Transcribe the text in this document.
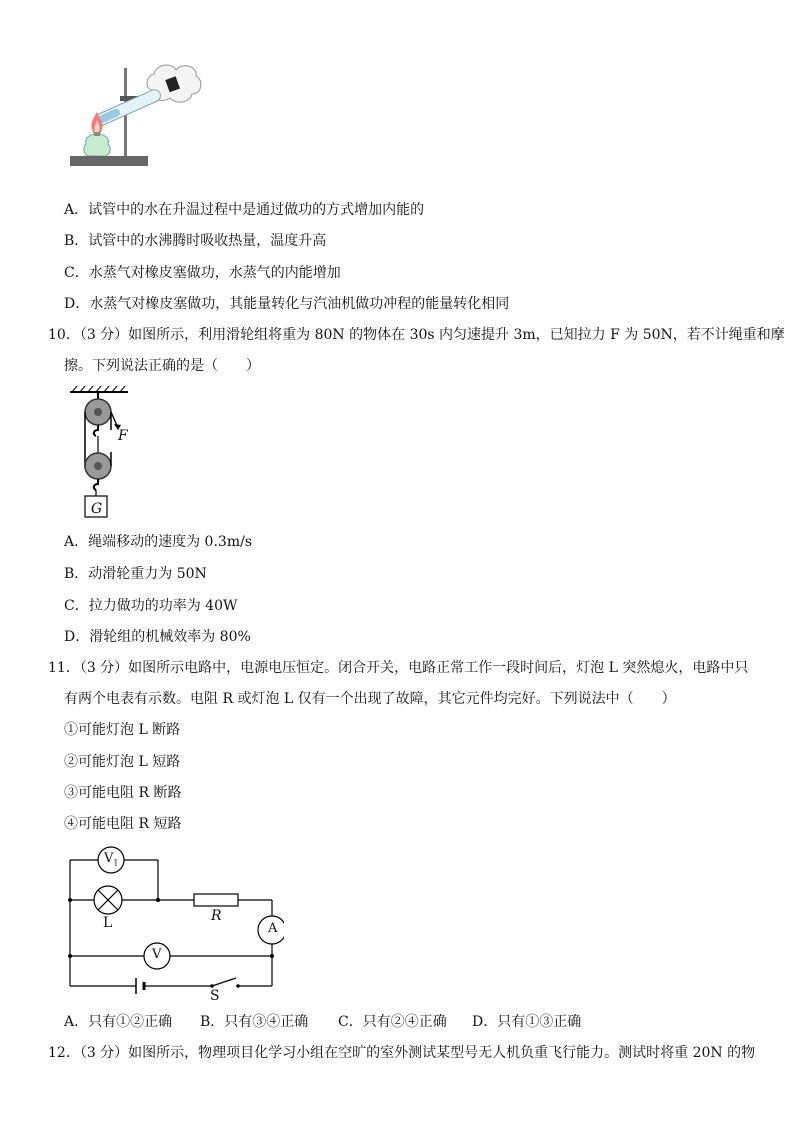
A．试管中的水在升温过程中是通过做功的方式增加内能的
B．试管中的水沸腾时吸收热量，温度升高
C．水蒸气对橡皮塞做功，水蒸气的内能增加
D．水蒸气对橡皮塞做功，其能量转化与汽油机做功冲程的能量转化相同
10．（3 分）如图所示，利用滑轮组将重为 80N 的物体在 30s 内匀速提升 3m，已知拉力 F 为 50N，若不计绳重和摩
擦。下列说法正确的是（　　）
F
G
A．绳端移动的速度为 0.3m/s
B．动滑轮重力为 50N
C．拉力做功的功率为 40W
D．滑轮组的机械效率为 80%
11．（3 分）如图所示电路中，电源电压恒定。闭合开关，电路正常工作一段时间后，灯泡 L 突然熄火，电路中只
有两个电表有示数。电阻 R 或灯泡 L 仅有一个出现了故障，其它元件均完好。下列说法中（　　）
①可能灯泡 L 断路
②可能灯泡 L 短路
③可能电阻 R 断路
④可能电阻 R 短路
$V_1$
L	R
A
V
S
A．只有①②正确 B．只有③④正确 C．只有②④正确 D．只有①③正确
12．（3 分）如图所示，物理项目化学习小组在空旷的室外测试某型号无人机负重飞行能力。测试时将重 20N 的物
